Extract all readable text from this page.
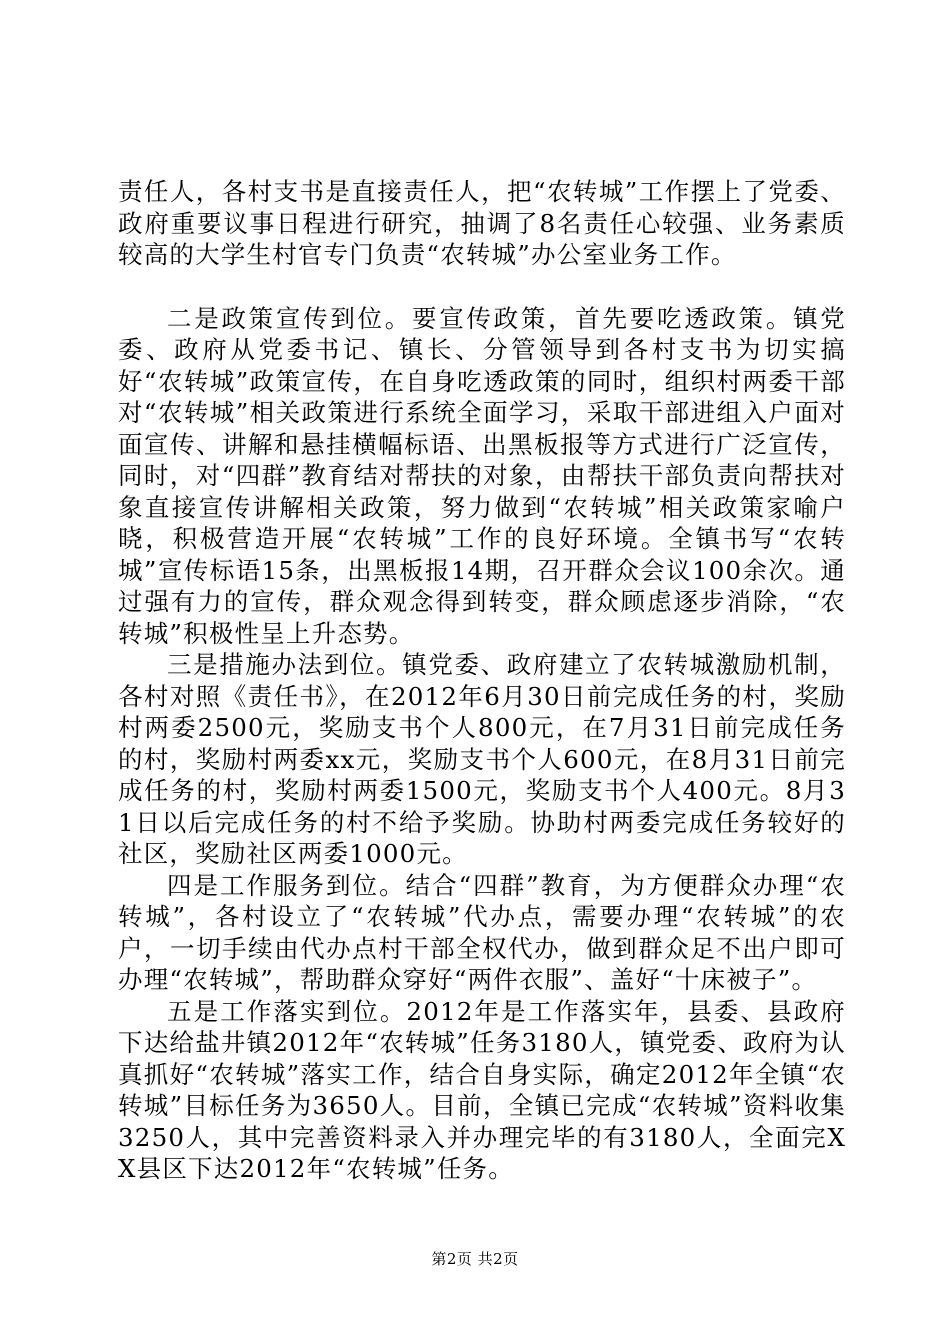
责任人，各村支书是直接责任人，把“农转城”工作摆上了党委、政府重要议事日程进行研究，抽调了8名责任心较强、业务素质较高的大学生村官专门负责“农转城”办公室业务工作。

二是政策宣传到位。要宣传政策，首先要吃透政策。镇党委、政府从党委书记、镇长、分管领导到各村支书为切实搞好“农转城”政策宣传，在自身吃透政策的同时，组织村两委干部对“农转城”相关政策进行系统全面学习，采取干部进组入户面对面宣传、讲解和悬挂横幅标语、出黑板报等方式进行广泛宣传，同时，对“四群”教育结对帮扶的对象，由帮扶干部负责向帮扶对象直接宣传讲解相关政策，努力做到“农转城”相关政策家喻户晓，积极营造开展“农转城”工作的良好环境。全镇书写“农转城”宣传标语15条，出黑板报14期，召开群众会议100余次。通过强有力的宣传，群众观念得到转变，群众顾虑逐步消除，“农转城”积极性呈上升态势。

三是措施办法到位。镇党委、政府建立了农转城激励机制，各村对照《责任书》，在2012年6月30日前完成任务的村，奖励村两委2500元，奖励支书个人800元，在7月31日前完成任务的村，奖励村两委xx元，奖励支书个人600元，在8月31日前完成任务的村，奖励村两委1500元，奖励支书个人400元。8月31日以后完成任务的村不给予奖励。协助村两委完成任务较好的社区，奖励社区两委1000元。

四是工作服务到位。结合“四群”教育，为方便群众办理“农转城”，各村设立了“农转城”代办点，需要办理“农转城”的农户，一切手续由代办点村干部全权代办，做到群众足不出户即可办理“农转城”，帮助群众穿好“两件衣服”、盖好“十床被子”。

五是工作落实到位。2012年是工作落实年，县委、县政府下达给盐井镇2012年“农转城”任务3180人，镇党委、政府为认真抓好“农转城”落实工作，结合自身实际，确定2012年全镇“农转城”目标任务为3650人。目前，全镇已完成“农转城”资料收集3250人，其中完善资料录入并办理完毕的有3180人，全面完XX县区下达2012年“农转城”任务。

第2页 共2页
